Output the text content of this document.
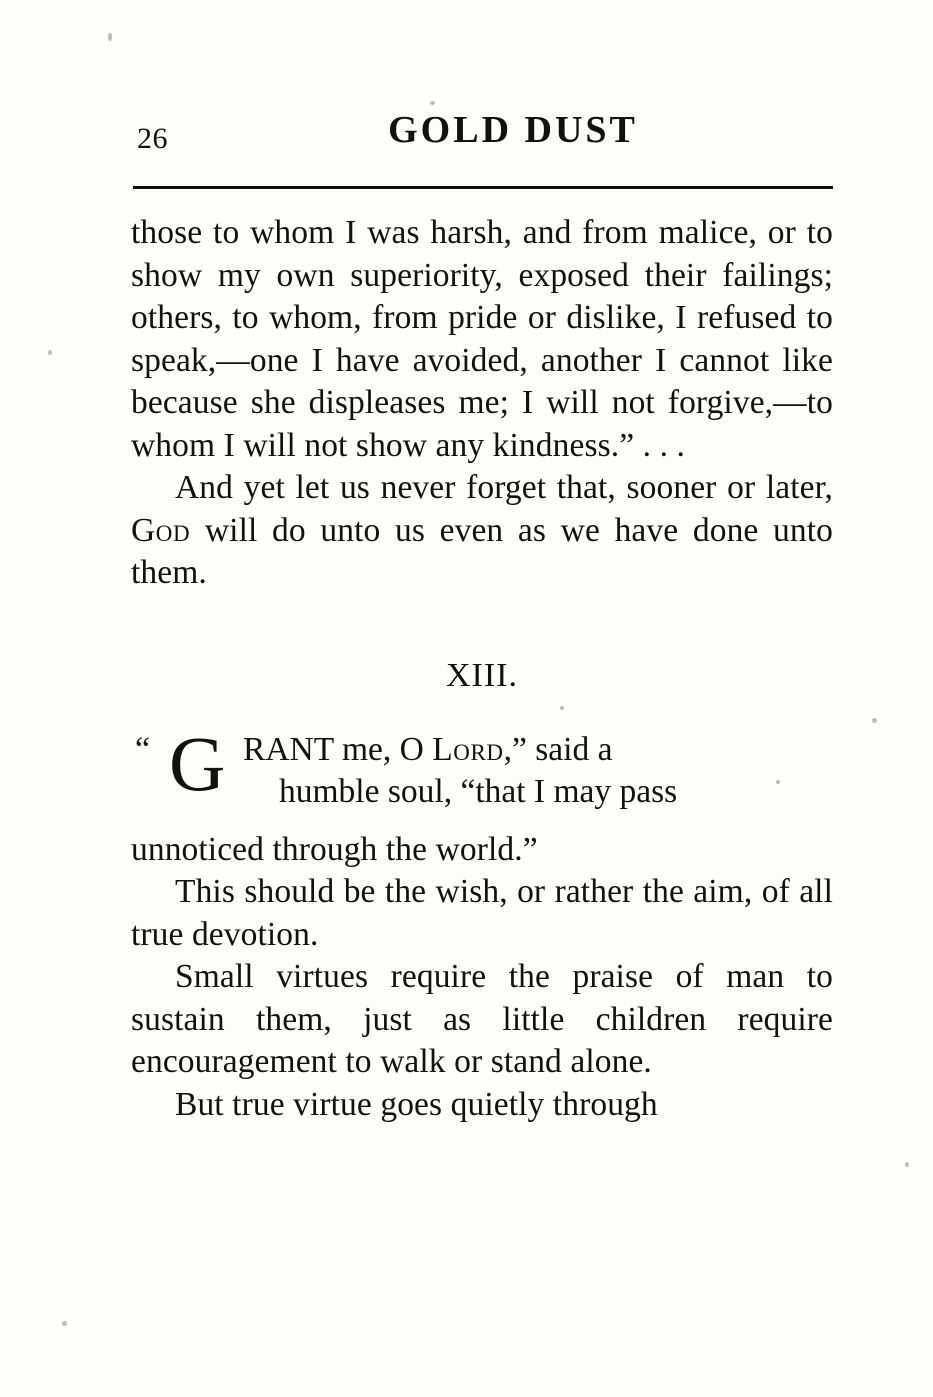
26	GOLD DUST

those to whom I was harsh, and from malice, or to show my own superiority, exposed their failings; others, to whom, from pride or dislike, I refused to speak,—one I have avoided, another I cannot like because she displeases me; I will not forgive,—to whom I will not show any kindness.” . . .

And yet let us never forget that, sooner or later, God will do unto us even as we have done unto them.

XIII.

“ G RANT me, O Lord,” said a

humble soul, “that I may pass

unnoticed through the world.”

This should be the wish, or rather the aim, of all true devotion.

Small virtues require the praise of man to sustain them, just as little children require encouragement to walk or stand alone.

But true virtue goes quietly through
